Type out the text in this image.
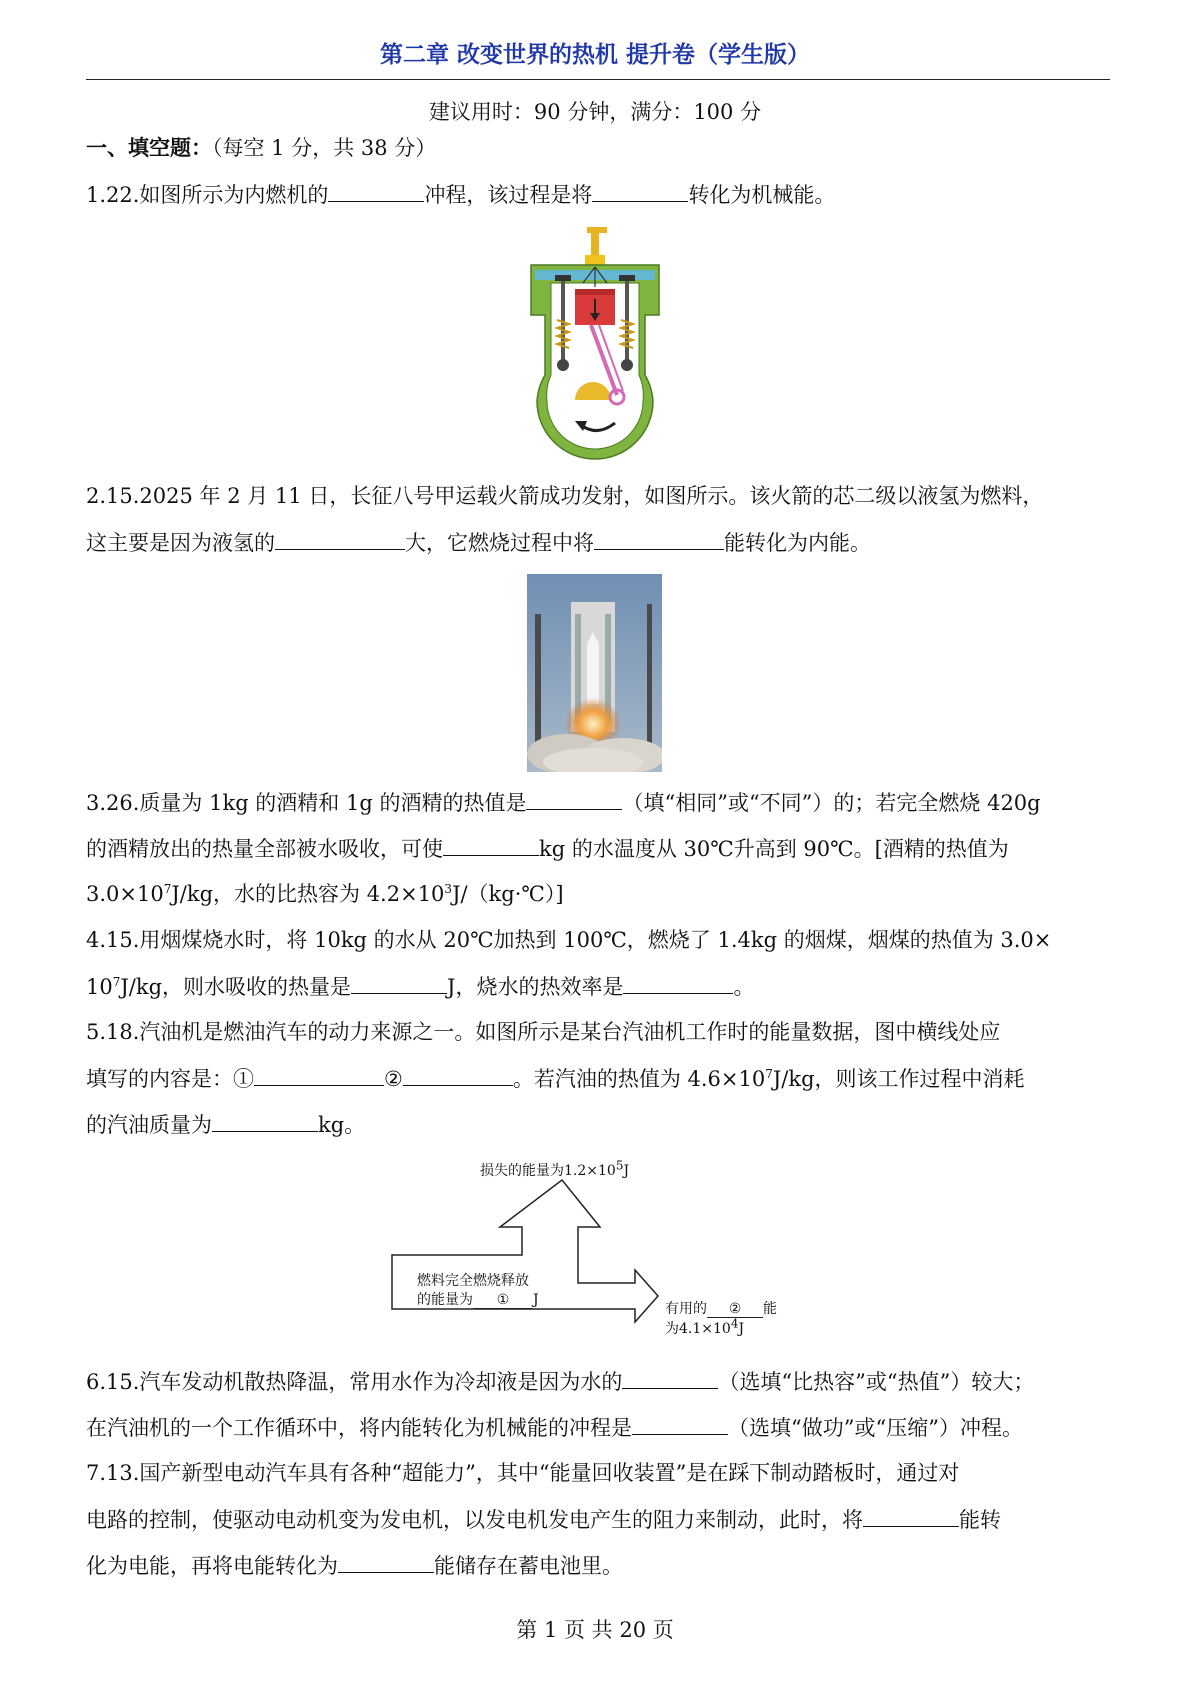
第二章 改变世界的热机 提升卷（学生版）
建议用时：90 分钟，满分：100 分
一、填空题：（每空 1 分，共 38 分）
1.22.如图所示为内燃机的	冲程，该过程是将	转化为机械能。
2.15.2025 年 2 月 11 日，长征八号甲运载火箭成功发射，如图所示。该火箭的芯二级以液氢为燃料，
这主要是因为液氢的	大，它燃烧过程中将	能转化为内能。
3.26.质量为 1kg 的酒精和 1g 的酒精的热值是	（填“相同”或“不同”）的；若完全燃烧 420g
的酒精放出的热量全部被水吸收，可使	kg 的水温度从 30℃升高到 90℃。[酒精的热值为
$3.0\times 10^7J/kg$，水的比热容为 $4.2\times 10^3J/(kg\cdot℃)$]
4.15.用烟煤烧水时，将 10kg 的水从 20℃加热到 100℃，燃烧了 1.4kg 的烟煤，烟煤的热值为 3.0×
$10^7J/kg$，则水吸收的热量是	J，烧水的热效率是	。
5.18.汽油机是燃油汽车的动力来源之一。如图所示是某台汽油机工作时的能量数据，图中横线处应
填写的内容是：①	②	。若汽油的热值为 $4.6\times 10^7J/kg$，则该工作过程中消耗
的汽油质量为	kg。
损失的能量为$1.2\times 10^5J$
燃料完全燃烧释放
的能量为 ① J
有用的 ② 能
为$4.1\times 10^4J$
6.15.汽车发动机散热降温，常用水作为冷却液是因为水的	（选填“比热容”或“热值”）较大；
在汽油机的一个工作循环中，将内能转化为机械能的冲程是	（选填“做功”或“压缩”）冲程。
7.13.国产新型电动汽车具有各种“超能力”，其中“能量回收装置”是在踩下制动踏板时，通过对
电路的控制，使驱动电动机变为发电机，以发电机发电产生的阻力来制动，此时，将	能转
化为电能，再将电能转化为	能储存在蓄电池里。
第 1 页 共 20 页
